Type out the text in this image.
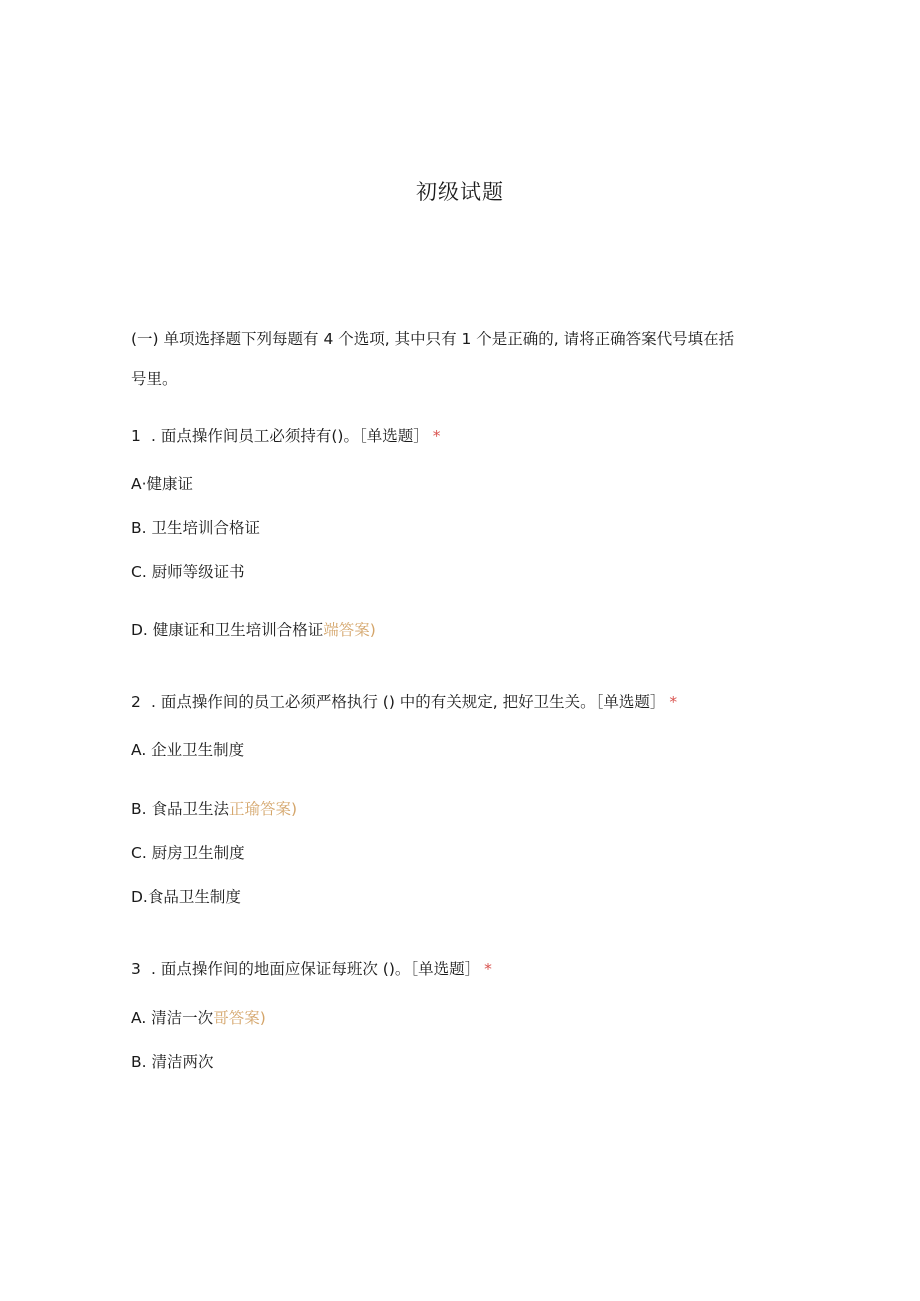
初级试题
(一) 单项选择题下列每题有 4 个选项, 其中只有 1 个是正确的, 请将正确答案代号填在括
号里。
1 . 面点操作间员工必须持有()。［单选题］ *
A·健康证
B. 卫生培训合格证
C. 厨师等级证书
D. 健康证和卫生培训合格证端答案)
2 . 面点操作间的员工必须严格执行 () 中的有关规定, 把好卫生关。［单选题］ *
A. 企业卫生制度
B. 食品卫生法正瑜答案)
C. 厨房卫生制度
D.食品卫生制度
3 . 面点操作间的地面应保证每班次 ()。［单选题］ *
A. 清洁一次哥答案)
B. 清洁两次
